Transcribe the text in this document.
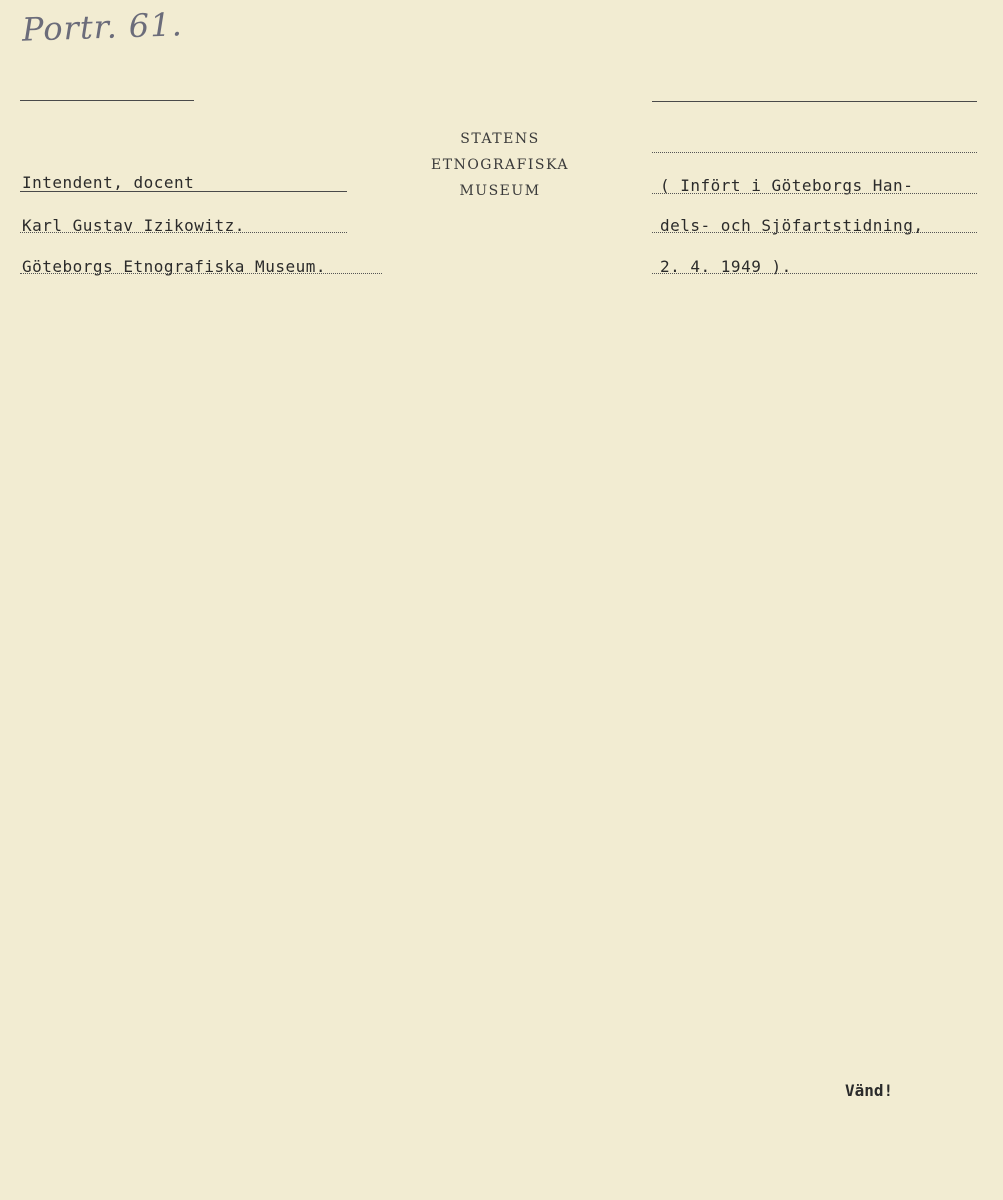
Portr. 61.
STATENS
ETNOGRAFISKA
MUSEUM
Intendent, docent
Karl Gustav Izikowitz.
Göteborgs Etnografiska Museum.
( Infört i Göteborgs Han-
dels- och Sjöfartstidning,
2. 4. 1949 ).
Vänd!
